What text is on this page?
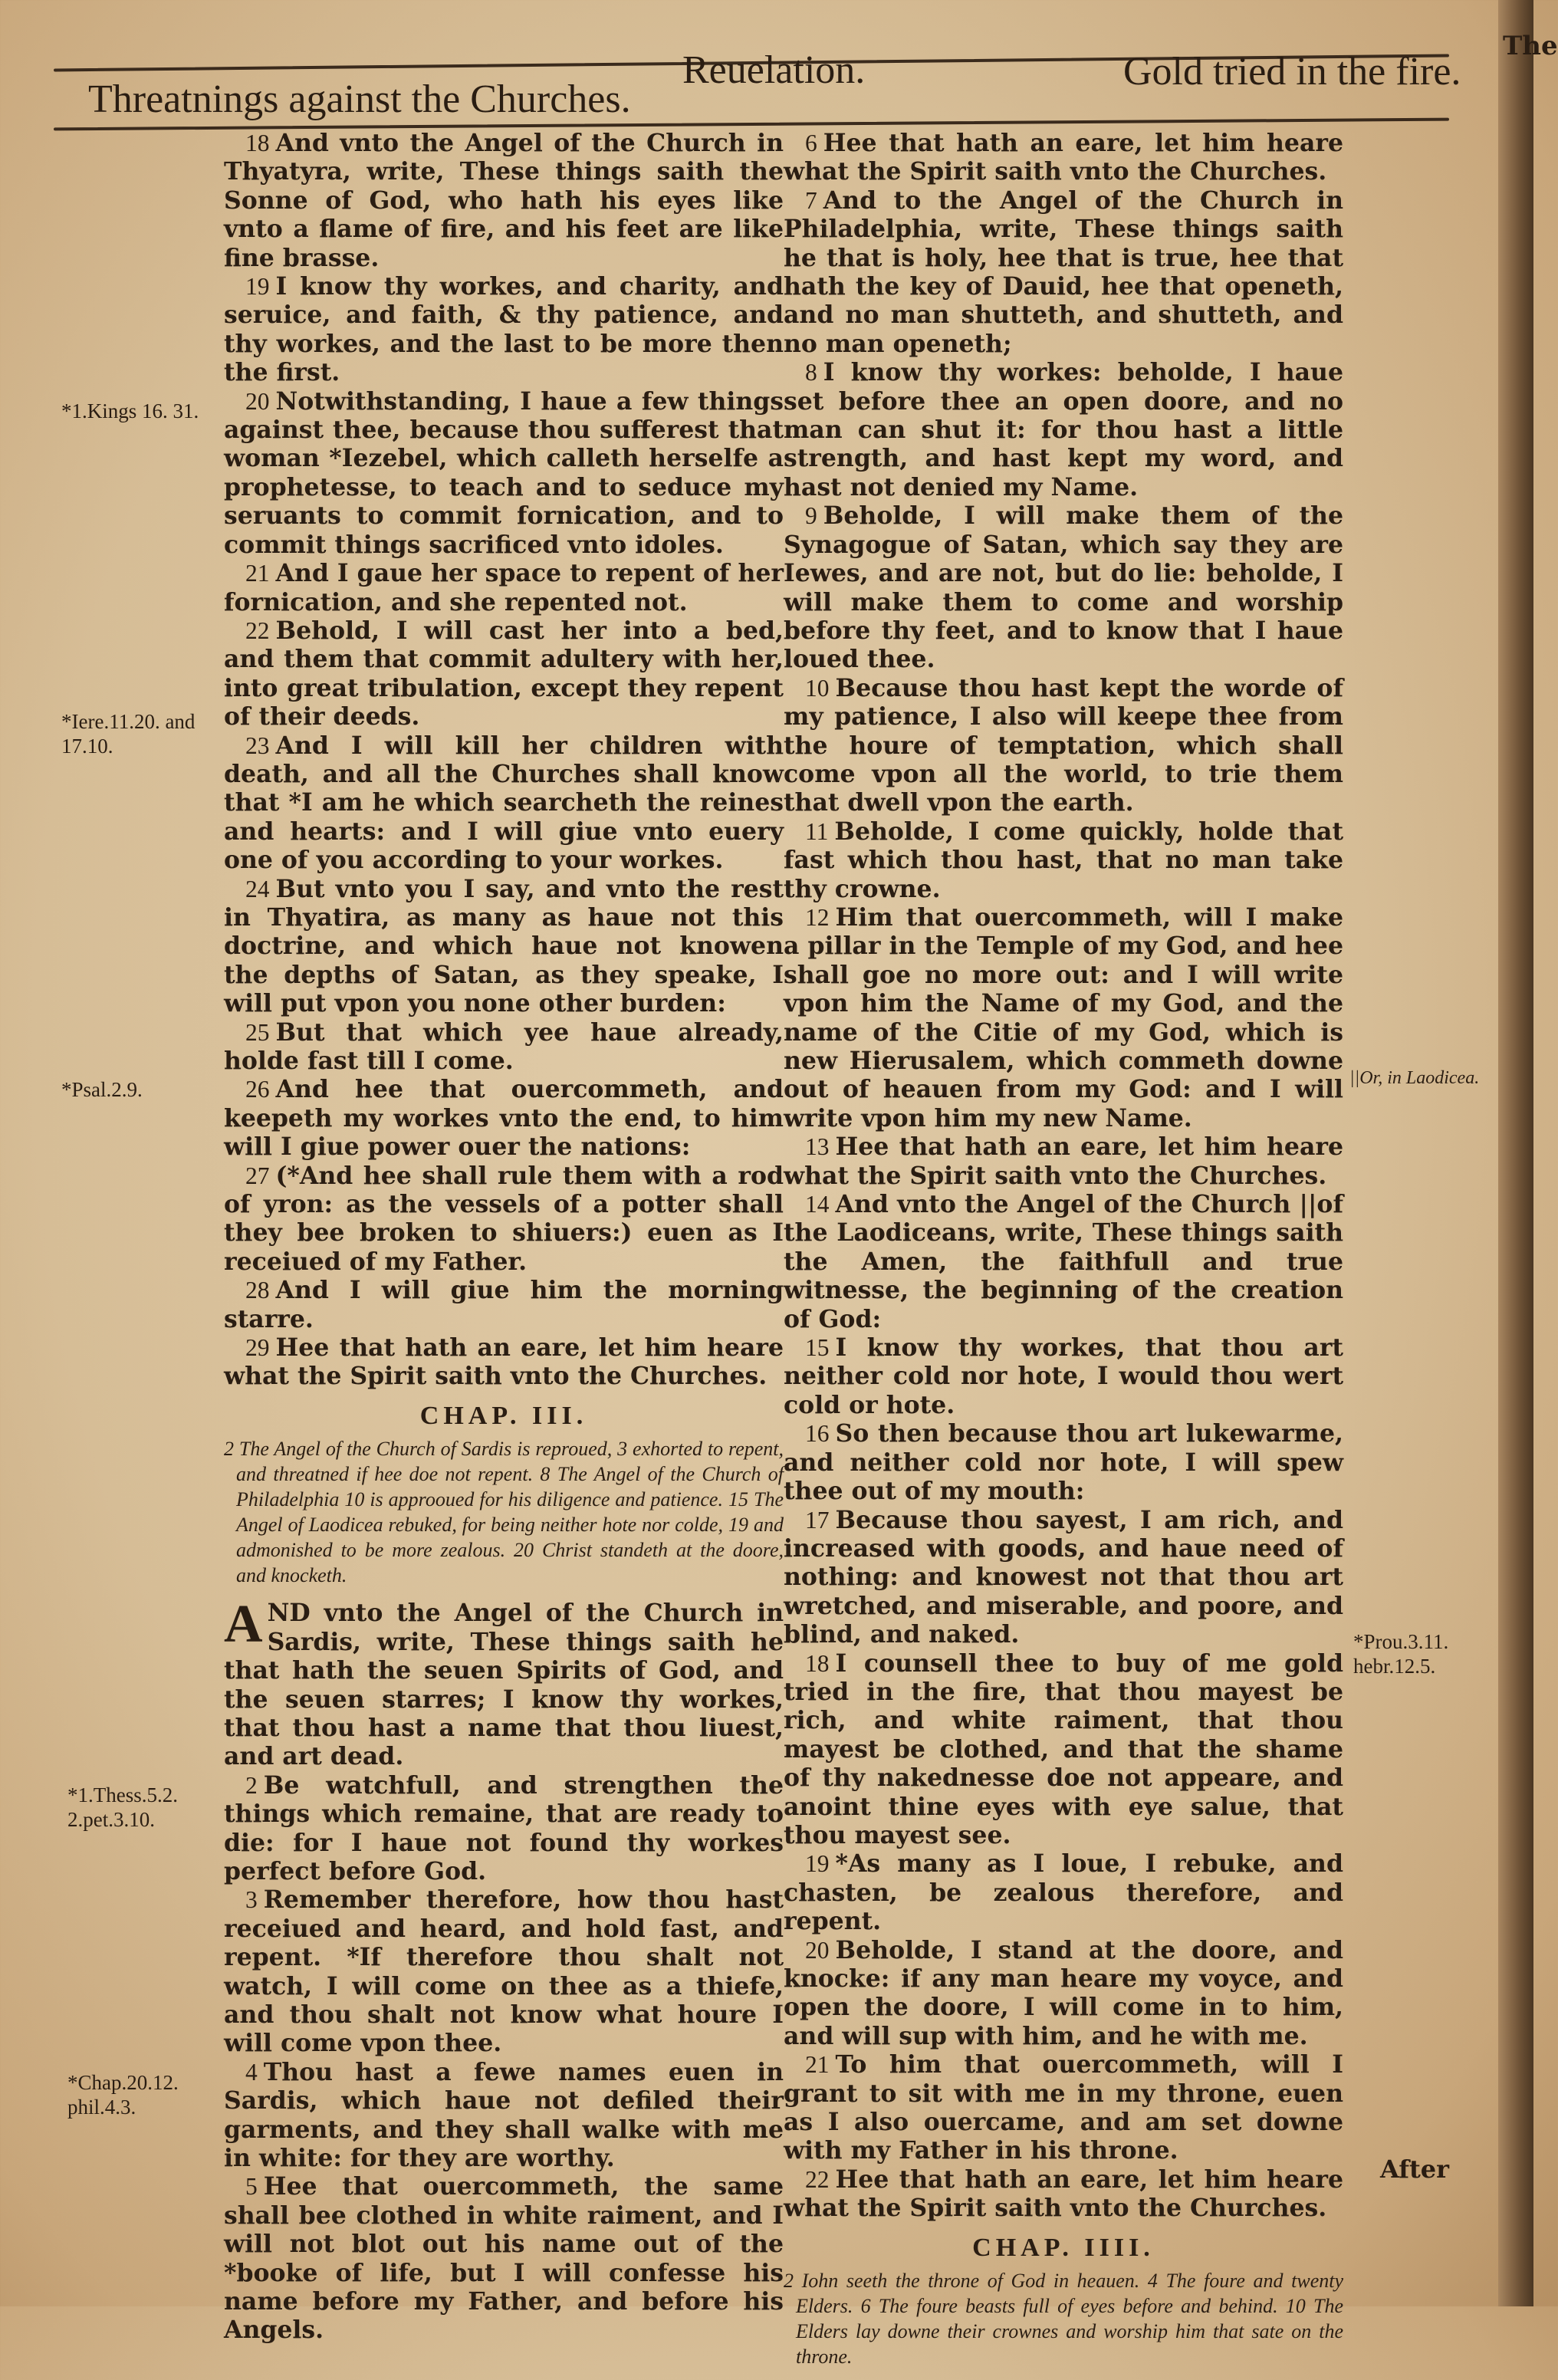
The
Threatnings against the Churches.
Reuelation.	Gold tried in the fire.

18 And vnto the Angel of the Church in Thyatyra, write, These things saith the Sonne of God, who hath his eyes like vnto a flame of fire, and his feet are like fine brasse.

19 I know thy workes, and charity, and seruice, and faith, & thy patience, and thy workes, and the last to be more then the first.

20 Notwithstanding, I haue a few things against thee, because thou sufferest that woman *Iezebel, which calleth herselfe a prophetesse, to teach and to seduce my seruants to commit fornication, and to commit things sacrificed vnto idoles.

21 And I gaue her space to repent of her fornication, and she repented not.

22 Behold, I will cast her into a bed, and them that commit adultery with her, into great tribulation, except they repent of their deeds.

23 And I will kill her children with death, and all the Churches shall know that *I am he which searcheth the reines and hearts: and I will giue vnto euery one of you according to your workes.

24 But vnto you I say, and vnto the rest in Thyatira, as many as haue not this doctrine, and which haue not knowen the depths of Satan, as they speake, I will put vpon you none other burden:

25 But that which yee haue already, holde fast till I come.

26 And hee that ouercommeth, and keepeth my workes vnto the end, to him will I giue power ouer the nations:

27 (*And hee shall rule them with a rod of yron: as the vessels of a potter shall they bee broken to shiuers:) euen as I receiued of my Father.

28 And I will giue him the morning starre.

29 Hee that hath an eare, let him heare what the Spirit saith vnto the Churches.

CHAP. III.

2 The Angel of the Church of Sardis is reproued, 3 exhorted to repent, and threatned if hee doe not repent. 8 The Angel of the Church of Philadelphia 10 is approoued for his diligence and patience. 15 The Angel of Laodicea rebuked, for being neither hote nor colde, 19 and admonished to be more zealous. 20 Christ standeth at the doore, and knocketh.

AND vnto the Angel of the Church in Sardis, write, These things saith he that hath the seuen Spirits of God, and the seuen starres; I know thy workes, that thou hast a name that thou liuest, and art dead.

2 Be watchfull, and strengthen the things which remaine, that are ready to die: for I haue not found thy workes perfect before God.

3 Remember therefore, how thou hast receiued and heard, and hold fast, and repent. *If therefore thou shalt not watch, I will come on thee as a thiefe, and thou shalt not know what houre I will come vpon thee.

4 Thou hast a fewe names euen in Sardis, which haue not defiled their garments, and they shall walke with me in white: for they are worthy.

5 Hee that ouercommeth, the same shall bee clothed in white raiment, and I will not blot out his name out of the *booke of life, but I will confesse his name before my Father, and before his Angels.

6 Hee that hath an eare, let him heare what the Spirit saith vnto the Churches.

7 And to the Angel of the Church in Philadelphia, write, These things saith he that is holy, hee that is true, hee that hath the key of Dauid, hee that openeth, and no man shutteth, and shutteth, and no man openeth;

8 I know thy workes: beholde, I haue set before thee an open doore, and no man can shut it: for thou hast a little strength, and hast kept my word, and hast not denied my Name.

9 Beholde, I will make them of the Synagogue of Satan, which say they are Iewes, and are not, but do lie: beholde, I will make them to come and worship before thy feet, and to know that I haue loued thee.

10 Because thou hast kept the worde of my patience, I also will keepe thee from the houre of temptation, which shall come vpon all the world, to trie them that dwell vpon the earth.

11 Beholde, I come quickly, holde that fast which thou hast, that no man take thy crowne.

12 Him that ouercommeth, will I make a pillar in the Temple of my God, and hee shall goe no more out: and I will write vpon him the Name of my God, and the name of the Citie of my God, which is new Hierusalem, which commeth downe out of heauen from my God: and I will write vpon him my new Name.

13 Hee that hath an eare, let him heare what the Spirit saith vnto the Churches.

14 And vnto the Angel of the Church ||of the Laodiceans, write, These things saith the Amen, the faithfull and true witnesse, the beginning of the creation of God:

15 I know thy workes, that thou art neither cold nor hote, I would thou wert cold or hote.

16 So then because thou art lukewarme, and neither cold nor hote, I will spew thee out of my mouth:

17 Because thou sayest, I am rich, and increased with goods, and haue need of nothing: and knowest not that thou art wretched, and miserable, and poore, and blind, and naked.

18 I counsell thee to buy of me gold tried in the fire, that thou mayest be rich, and white raiment, that thou mayest be clothed, and that the shame of thy nakednesse doe not appeare, and anoint thine eyes with eye salue, that thou mayest see.

19 *As many as I loue, I rebuke, and chasten, be zealous therefore, and repent.

20 Beholde, I stand at the doore, and knocke: if any man heare my voyce, and open the doore, I will come in to him, and will sup with him, and he with me.

21 To him that ouercommeth, will I grant to sit with me in my throne, euen as I also ouercame, and am set downe with my Father in his throne.

22 Hee that hath an eare, let him heare what the Spirit saith vnto the Churches.

CHAP. IIII.

2 Iohn seeth the throne of God in heauen. 4 The foure and twenty Elders. 6 The foure beasts full of eyes before and behind. 10 The Elders lay downe their crownes and worship him that sate on the throne.

*1.Kings 16. 31.
*Iere.11.20. and 17.10.
*Psal.2.9.
*1.Thess.5.2. 2.pet.3.10.
*Chap.20.12. phil.4.3.
||Or, in Laodicea.
*Prou.3.11. hebr.12.5.
After
